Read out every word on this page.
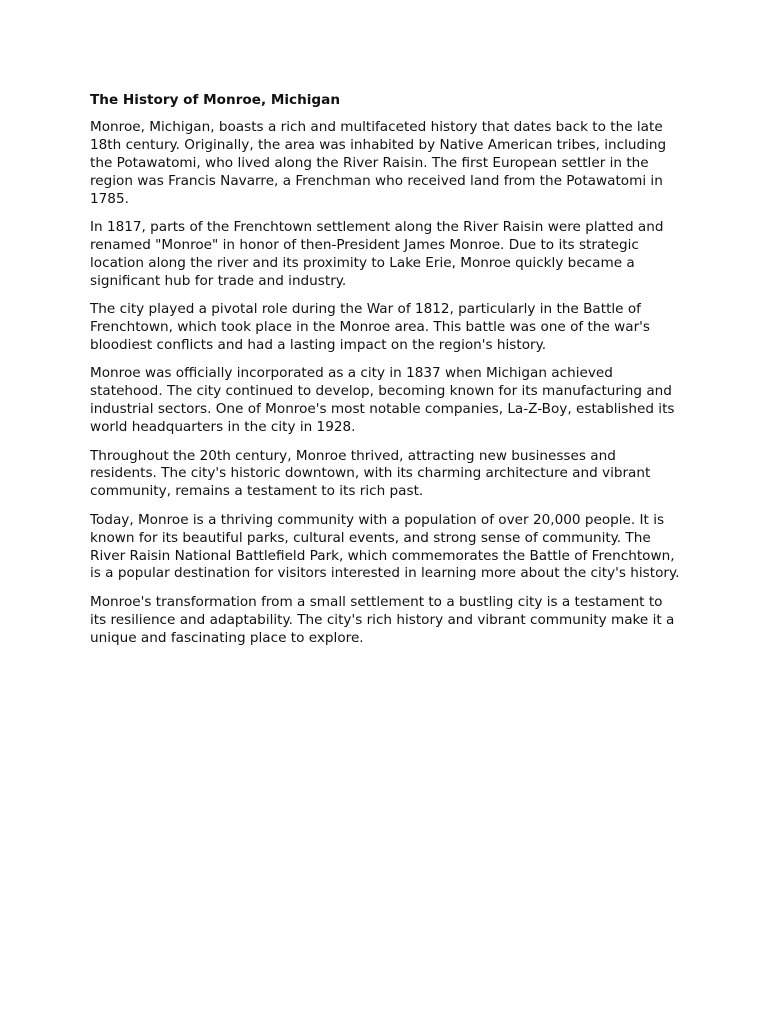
The History of Monroe, Michigan

Monroe, Michigan, boasts a rich and multifaceted history that dates back to the late 18th century. Originally, the area was inhabited by Native American tribes, including the Potawatomi, who lived along the River Raisin. The first European settler in the region was Francis Navarre, a Frenchman who received land from the Potawatomi in 1785.

In 1817, parts of the Frenchtown settlement along the River Raisin were platted and renamed "Monroe" in honor of then-President James Monroe. Due to its strategic location along the river and its proximity to Lake Erie, Monroe quickly became a significant hub for trade and industry.

The city played a pivotal role during the War of 1812, particularly in the Battle of Frenchtown, which took place in the Monroe area. This battle was one of the war's bloodiest conflicts and had a lasting impact on the region's history.

Monroe was officially incorporated as a city in 1837 when Michigan achieved statehood. The city continued to develop, becoming known for its manufacturing and industrial sectors. One of Monroe's most notable companies, La-Z-Boy, established its world headquarters in the city in 1928.

Throughout the 20th century, Monroe thrived, attracting new businesses and residents. The city's historic downtown, with its charming architecture and vibrant community, remains a testament to its rich past.

Today, Monroe is a thriving community with a population of over 20,000 people. It is known for its beautiful parks, cultural events, and strong sense of community. The River Raisin National Battlefield Park, which commemorates the Battle of Frenchtown, is a popular destination for visitors interested in learning more about the city's history.

Monroe's transformation from a small settlement to a bustling city is a testament to its resilience and adaptability. The city's rich history and vibrant community make it a unique and fascinating place to explore.
